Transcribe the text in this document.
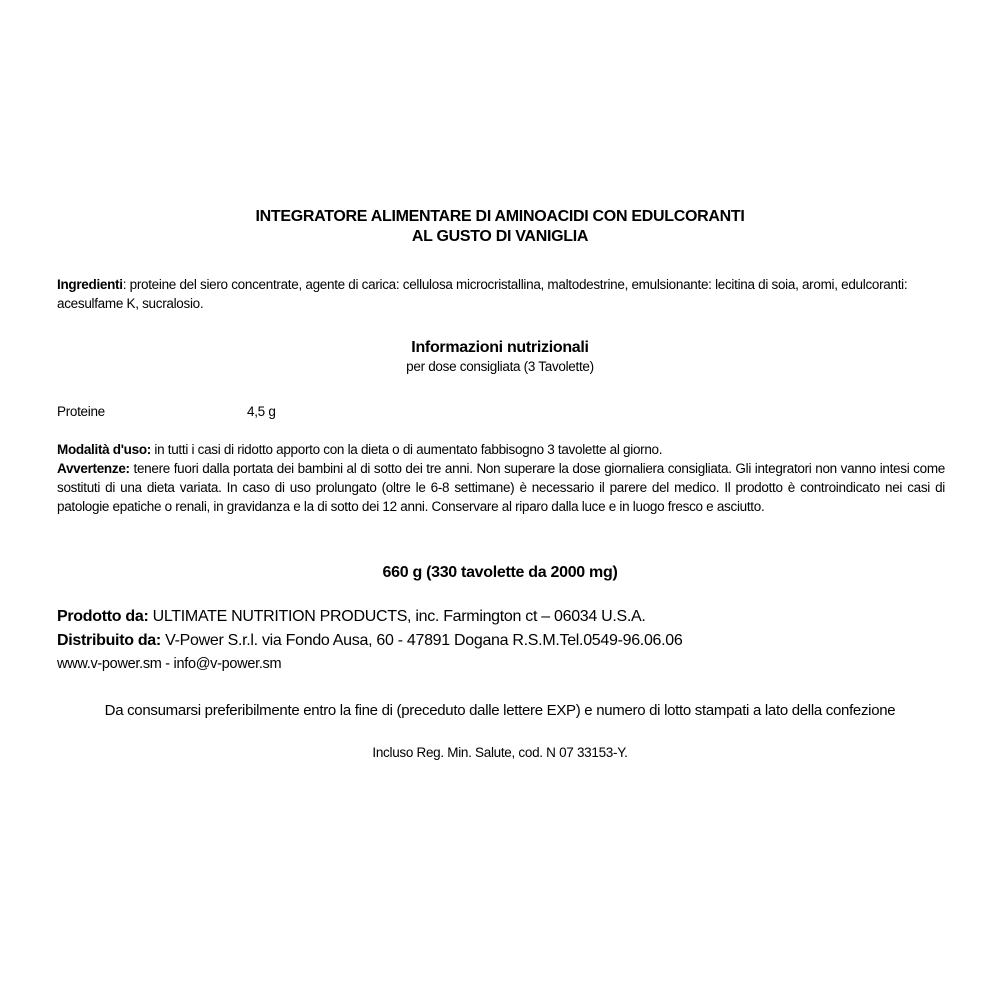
INTEGRATORE ALIMENTARE DI AMINOACIDI CON EDULCORANTI
AL GUSTO DI VANIGLIA
Ingredienti: proteine del siero concentrate, agente di carica: cellulosa microcristallina, maltodestrine, emulsionante: lecitina di soia, aromi, edulcoranti: acesulfame K, sucralosio.
Informazioni nutrizionali
per dose consigliata (3 Tavolette)
Proteine	4,5 g
Modalità d'uso: in tutti i casi di ridotto apporto con la dieta o di aumentato fabbisogno 3 tavolette al giorno.
Avvertenze: tenere fuori dalla portata dei bambini al di sotto dei tre anni. Non superare la dose giornaliera consigliata. Gli integratori non vanno intesi come sostituti di una dieta variata. In caso di uso prolungato (oltre le 6-8 settimane) è necessario il parere del medico. Il prodotto è controindicato nei casi di patologie epatiche o renali, in gravidanza e la di sotto dei 12 anni. Conservare al riparo dalla luce e in luogo fresco e asciutto.
660 g (330 tavolette da 2000 mg)
Prodotto da: ULTIMATE NUTRITION PRODUCTS, inc. Farmington ct – 06034 U.S.A.
Distribuito da: V-Power S.r.l. via Fondo Ausa, 60 - 47891 Dogana R.S.M.Tel.0549-96.06.06
www.v-power.sm - info@v-power.sm
Da consumarsi preferibilmente entro la fine di (preceduto dalle lettere EXP) e numero di lotto stampati a lato della confezione
Incluso Reg. Min. Salute, cod. N 07 33153-Y.
